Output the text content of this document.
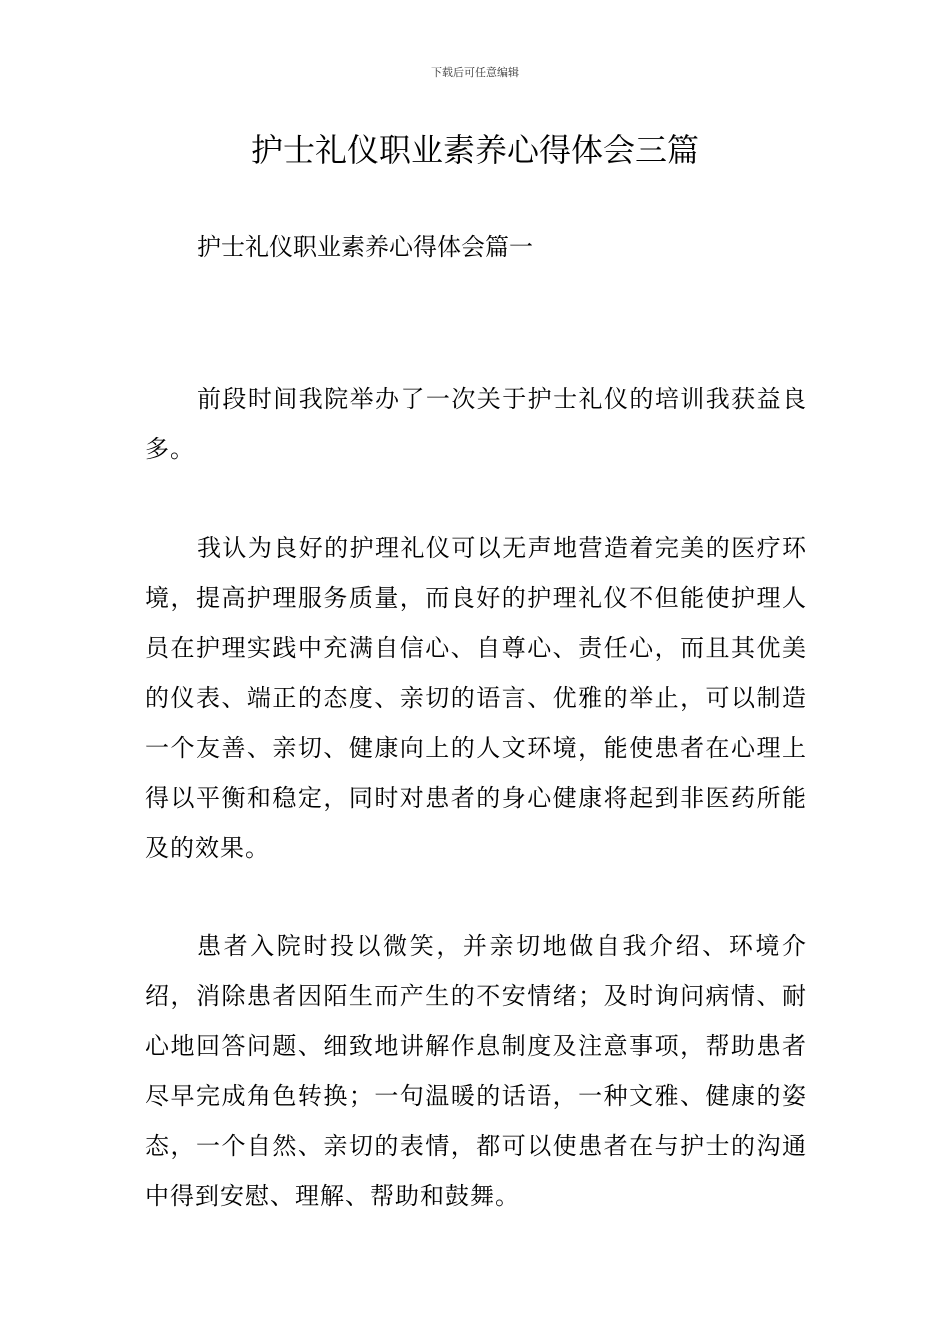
下载后可任意编辑
护士礼仪职业素养心得体会三篇
护士礼仪职业素养心得体会篇一

前段时间我院举办了一次关于护士礼仪的培训我获益良多。

我认为良好的护理礼仪可以无声地营造着完美的医疗环境，提高护理服务质量，而良好的护理礼仪不但能使护理人员在护理实践中充满自信心、自尊心、责任心，而且其优美的仪表、端正的态度、亲切的语言、优雅的举止，可以制造一个友善、亲切、健康向上的人文环境，能使患者在心理上得以平衡和稳定，同时对患者的身心健康将起到非医药所能及的效果。

患者入院时投以微笑，并亲切地做自我介绍、环境介绍，消除患者因陌生而产生的不安情绪；及时询问病情、耐心地回答问题、细致地讲解作息制度及注意事项，帮助患者尽早完成角色转换；一句温暖的话语，一种文雅、健康的姿态，一个自然、亲切的表情，都可以使患者在与护士的沟通中得到安慰、理解、帮助和鼓舞。
